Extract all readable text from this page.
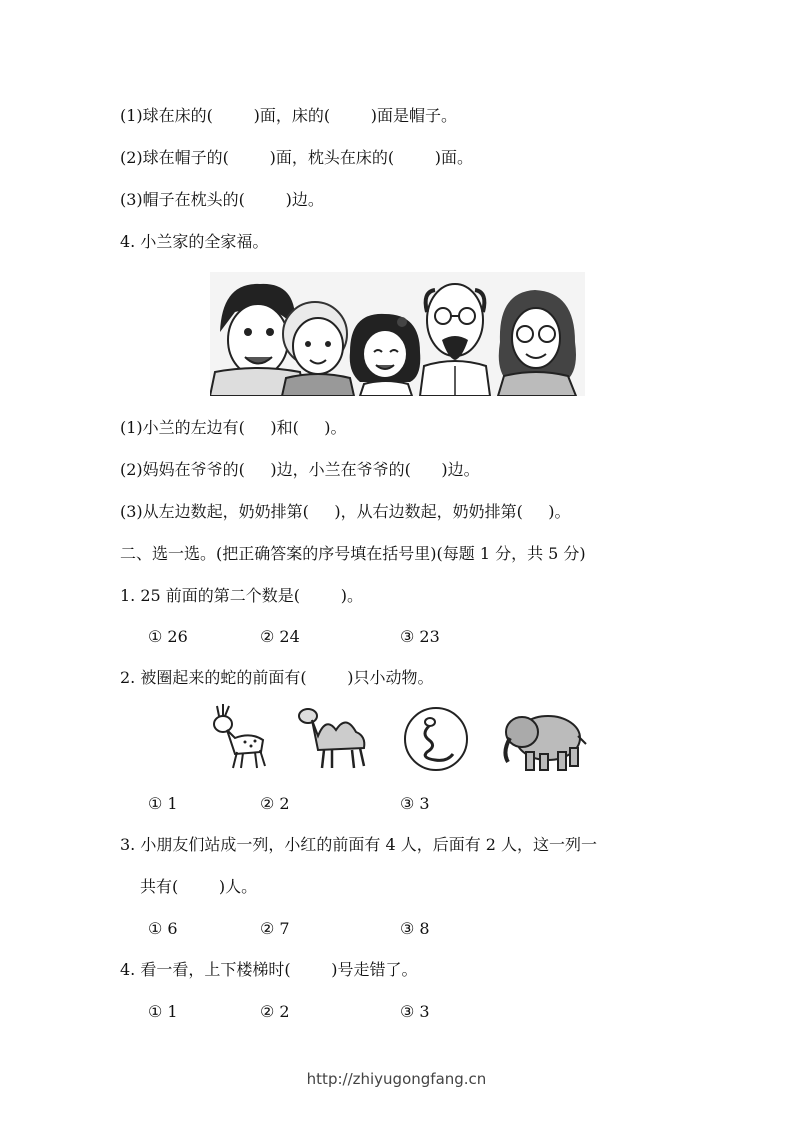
(1)球在床的(        )面，床的(        )面是帽子。
(2)球在帽子的(        )面，枕头在床的(        )面。
(3)帽子在枕头的(        )边。
4. 小兰家的全家福。
(1)小兰的左边有(     )和(     )。
(2)妈妈在爷爷的(     )边，小兰在爷爷的(      )边。
(3)从左边数起，奶奶排第(     )，从右边数起，奶奶排第(     )。
二、选一选。(把正确答案的序号填在括号里)(每题 1 分，共 5 分)
1. 25 前面的第二个数是(        )。
① 26	② 24	③ 23
2. 被圈起来的蛇的前面有(        )只小动物。
① 1	② 2	③ 3
3. 小朋友们站成一列，小红的前面有 4 人，后面有 2 人，这一列一
共有(        )人。
① 6	② 7	③ 8
4. 看一看，上下楼梯时(        )号走错了。
① 1	② 2	③ 3
http://zhiyugongfang.cn
